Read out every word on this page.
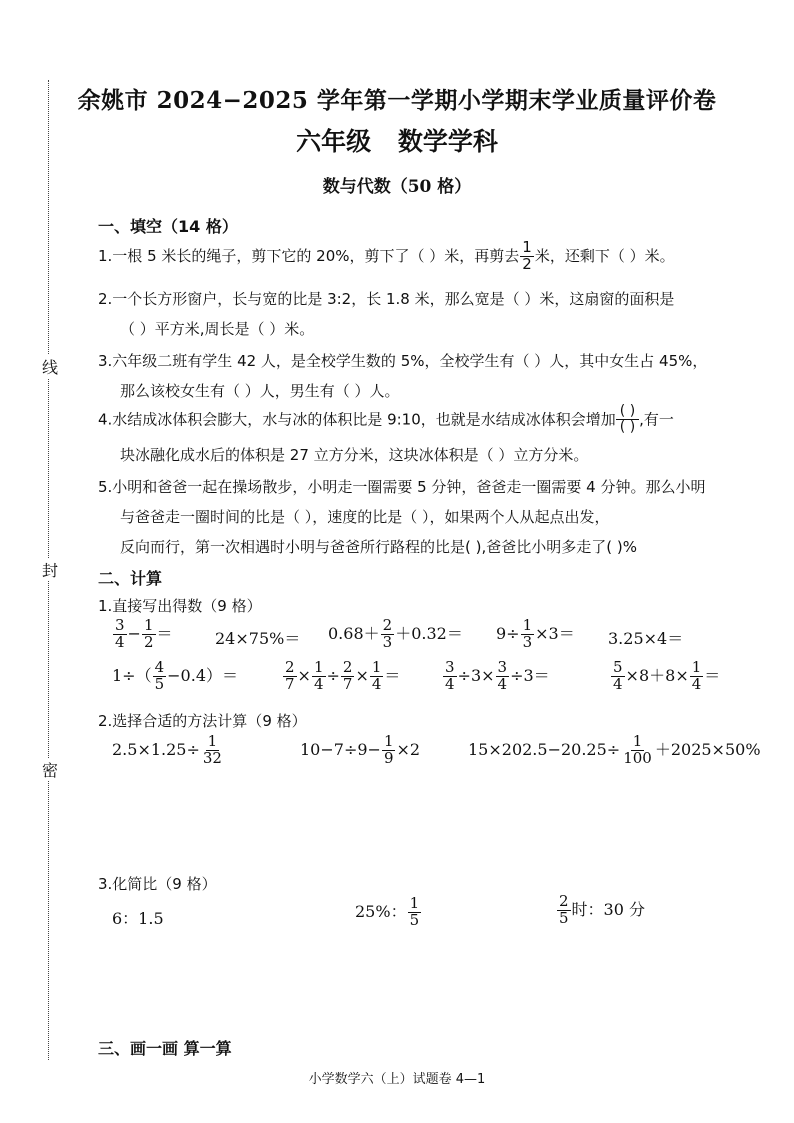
线
封
密
余姚市 2024−2025 学年第一学期小学期末学业质量评价卷
六年级 数学学科
数与代数（50 格）
一、填空（14 格）
1.一根 5 米长的绳子，剪下它的 20%，剪下了（ ）米，再剪去 $\frac{1}{2}$ 米，还剩下（ ）米。
2.一个长方形窗户，长与宽的比是 3:2，长 1.8 米，那么宽是（ ）米，这扇窗的面积是
（ ）平方米,周长是（ ）米。
3.六年级二班有学生 42 人，是全校学生数的 5%，全校学生有（ ）人，其中女生占 45%，
那么该校女生有（ ）人，男生有（ ）人。
4.水结成冰体积会膨大，水与冰的体积比是 9:10，也就是水结成冰体积会增加 $\frac{( )}{( )}$ ,有一
块冰融化成水后的体积是 27 立方分米，这块冰体积是（ ）立方分米。
5.小明和爸爸一起在操场散步，小明走一圈需要 5 分钟，爸爸走一圈需要 4 分钟。那么小明
与爸爸走一圈时间的比是（ ），速度的比是（ ），如果两个人从起点出发，
反向而行，第一次相遇时小明与爸爸所行路程的比是( ),爸爸比小明多走了( )%
二、计算
1.直接写出得数（9 格）
$\frac{3}{4} - \frac{1}{2}$ ＝	$24\times 75\%= 0.68+ \frac{2}{3} +0.32= 9\div \frac{1}{3} \times 3= 3.25\times 4=$
$1\div( \frac{4}{5} -0.4)=$	$\frac{2}{7} \times \frac{1}{4} \div \frac{2}{7} \times \frac{1}{4}$ ＝	$\frac{3}{4} \div 3\times \frac{3}{4} \div 3=$	$\frac{5}{4} \times 8+8\times \frac{1}{4}$ ＝
2.选择合适的方法计算（9 格）
$2.5\times 1.25\div \frac{1}{32}$	$10-7\div 9- \frac{1}{9} \times 2$	$15\times 202.5-20.25\div \frac{1}{100} +2025\times 50\%$
3.化简比（9 格）
6：1.5	25%： $\frac{1}{5}$	$\frac{2}{5}$ 时：30 分
三、画一画 算一算
小学数学六（上）试题卷 4—1
